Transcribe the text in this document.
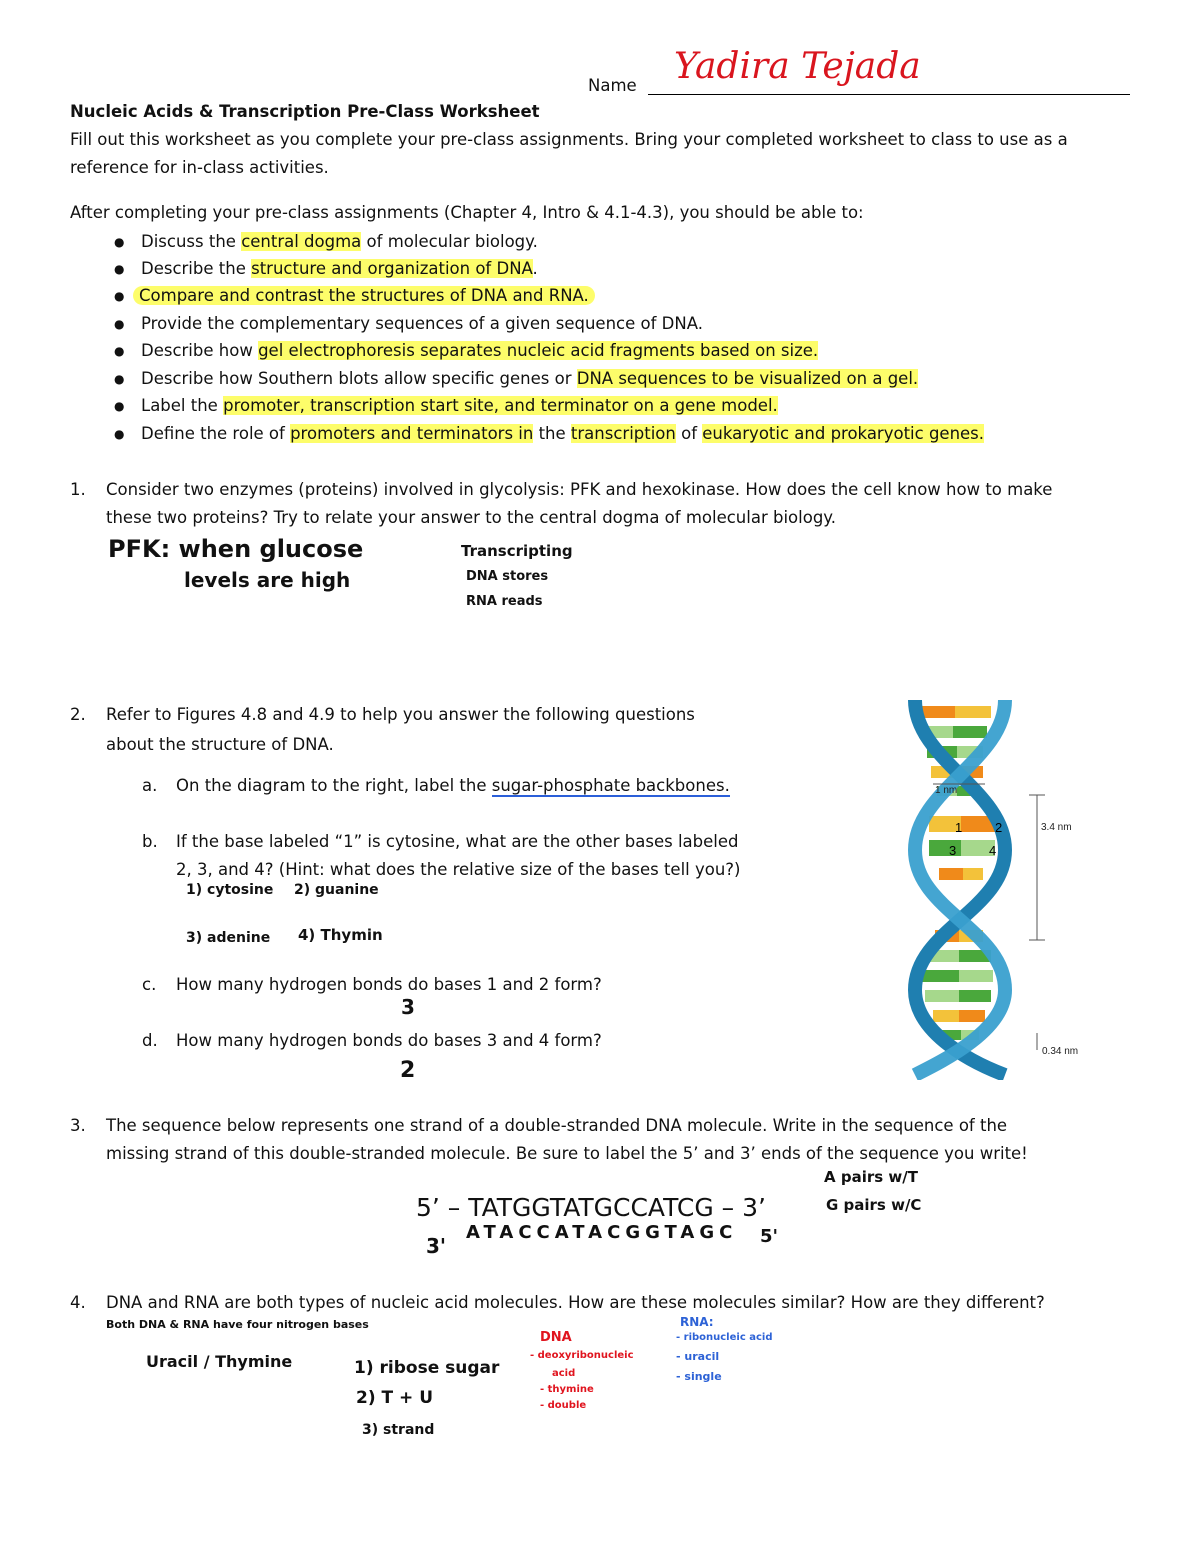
Name Yadira Tejada
Nucleic Acids & Transcription Pre-Class Worksheet
Fill out this worksheet as you complete your pre-class assignments. Bring your completed worksheet to class to use as a
reference for in-class activities.
After completing your pre-class assignments (Chapter 4, Intro & 4.1-4.3), you should be able to:
● Discuss the central dogma of molecular biology.
● Describe the structure and organization of DNA.
● Compare and contrast the structures of DNA and RNA.
● Provide the complementary sequences of a given sequence of DNA.
● Describe how gel electrophoresis separates nucleic acid fragments based on size.
● Describe how Southern blots allow specific genes or DNA sequences to be visualized on a gel.
● Label the promoter, transcription start site, and terminator on a gene model.
● Define the role of promoters and terminators in the transcription of eukaryotic and prokaryotic genes.
1. Consider two enzymes (proteins) involved in glycolysis: PFK and hexokinase. How does the cell know how to make
these two proteins? Try to relate your answer to the central dogma of molecular biology.
PFK: when glucose
levels are high
Transcripting
DNA stores
RNA reads
2. Refer to Figures 4.8 and 4.9 to help you answer the following questions
about the structure of DNA.
a. On the diagram to the right, label the sugar-phosphate backbones.
b. If the base labeled “1” is cytosine, what are the other bases labeled
2, 3, and 4? (Hint: what does the relative size of the bases tell you?)
1) cytosine 2) guanine
3) adenine 4) Thymin
c. How many hydrogen bonds do bases 1 and 2 form?
3
d. How many hydrogen bonds do bases 3 and 4 form?
2
1 nm
3.4 nm
0.34 nm
1	2
3	4
3. The sequence below represents one strand of a double-stranded DNA molecule. Write in the sequence of the
missing strand of this double-stranded molecule. Be sure to label the 5’ and 3’ ends of the sequence you write!
5’ – TATGGTATGCCATCG – 3’
3'
ATACCATACGGTAGC 5'
A pairs w/T
G pairs w/C
4. DNA and RNA are both types of nucleic acid molecules. How are these molecules similar? How are they different?
Both DNA & RNA have four nitrogen bases
Uracil / Thymine	1) ribose sugar
2) T + U
3) strand
DNA
- deoxyribonucleic
acid
- thymine
- double
RNA:
- ribonucleic acid
- uracil
- single
